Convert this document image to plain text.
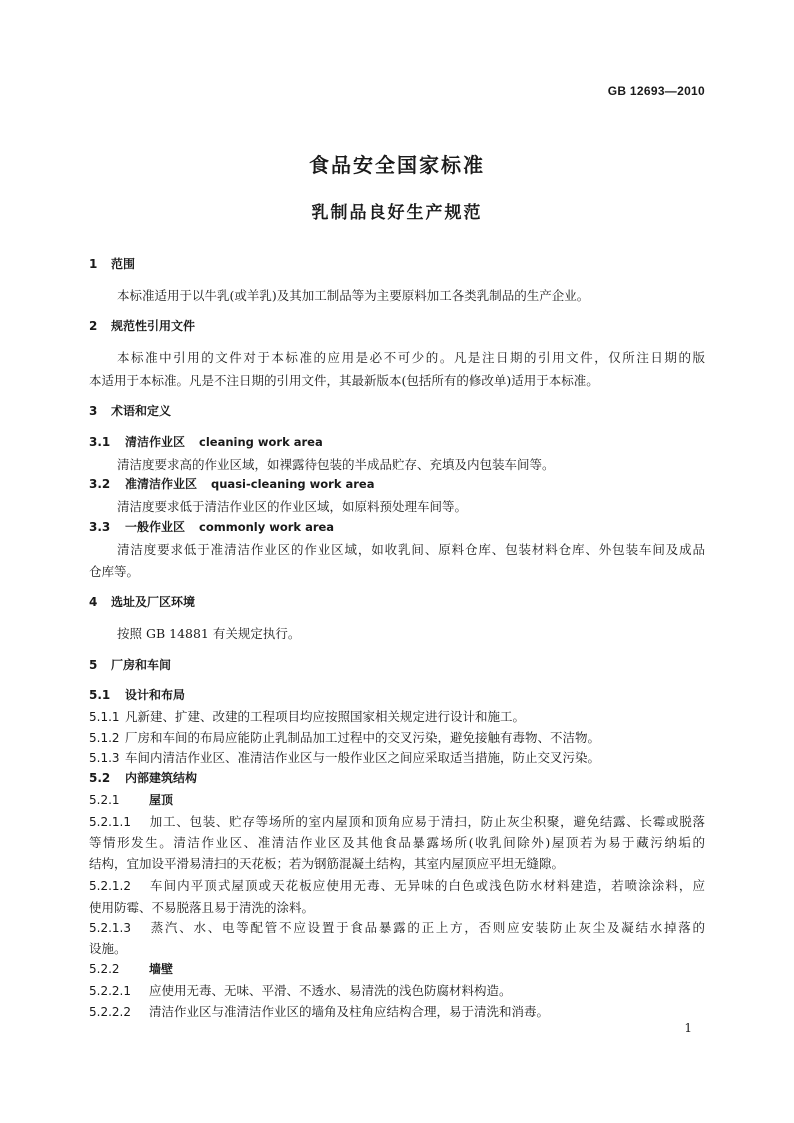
GB 12693—2010
食品安全国家标准
乳制品良好生产规范
1 范围
本标准适用于以牛乳(或羊乳)及其加工制品等为主要原料加工各类乳制品的生产企业。
2 规范性引用文件
本标准中引用的文件对于本标准的应用是必不可少的。凡是注日期的引用文件，仅所注日期的版
本适用于本标准。凡是不注日期的引用文件，其最新版本(包括所有的修改单)适用于本标准。
3 术语和定义
3.1 清洁作业区 cleaning work area
清洁度要求高的作业区域，如裸露待包装的半成品贮存、充填及内包装车间等。
3.2 准清洁作业区 quasi-cleaning work area
清洁度要求低于清洁作业区的作业区域，如原料预处理车间等。
3.3 一般作业区 commonly work area
清洁度要求低于准清洁作业区的作业区域，如收乳间、原料仓库、包装材料仓库、外包装车间及成品
仓库等。
4 选址及厂区环境
按照 GB 14881 有关规定执行。
5 厂房和车间
5.1 设计和布局
5.1.1 凡新建、扩建、改建的工程项目均应按照国家相关规定进行设计和施工。
5.1.2 厂房和车间的布局应能防止乳制品加工过程中的交叉污染，避免接触有毒物、不洁物。
5.1.3 车间内清洁作业区、准清洁作业区与一般作业区之间应采取适当措施，防止交叉污染。
5.2 内部建筑结构
5.2.1 屋顶
5.2.1.1 加工、包装、贮存等场所的室内屋顶和顶角应易于清扫，防止灰尘积聚，避免结露、长霉或脱落
等情形发生。清洁作业区、准清洁作业区及其他食品暴露场所(收乳间除外)屋顶若为易于藏污纳垢的
结构，宜加设平滑易清扫的天花板；若为钢筋混凝土结构，其室内屋顶应平坦无缝隙。
5.2.1.2 车间内平顶式屋顶或天花板应使用无毒、无异味的白色或浅色防水材料建造，若喷涂涂料，应
使用防霉、不易脱落且易于清洗的涂料。
5.2.1.3 蒸汽、水、电等配管不应设置于食品暴露的正上方，否则应安装防止灰尘及凝结水掉落的
设施。
5.2.2 墙壁
5.2.2.1 应使用无毒、无味、平滑、不透水、易清洗的浅色防腐材料构造。
5.2.2.2 清洁作业区与准清洁作业区的墙角及柱角应结构合理，易于清洗和消毒。
1
